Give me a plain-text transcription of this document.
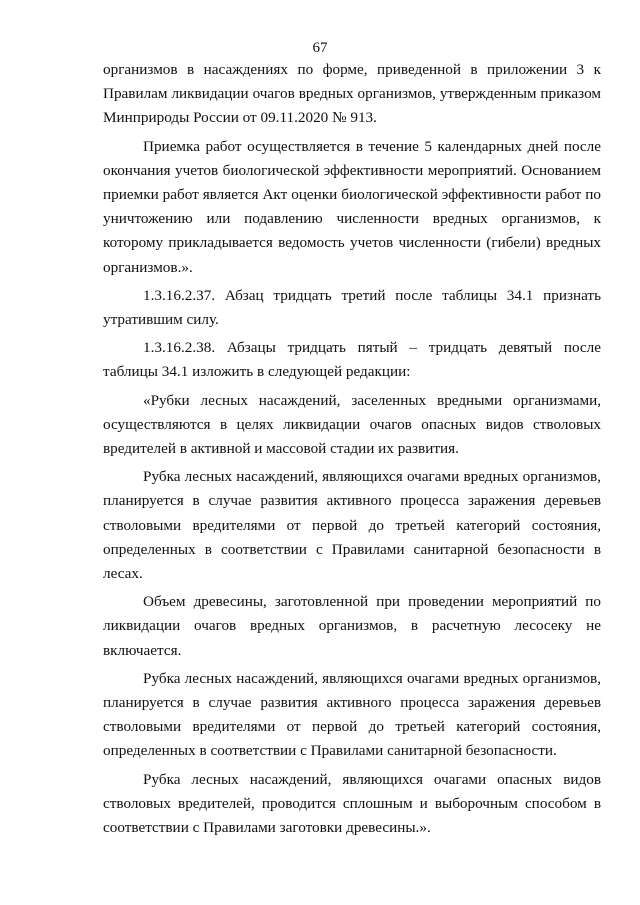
67

организмов в насаждениях по форме, приведенной в приложении 3 к Правилам ликвидации очагов вредных организмов, утвержденным приказом Минприроды России от 09.11.2020 № 913.

Приемка работ осуществляется в течение 5 календарных дней после окончания учетов биологической эффективности мероприятий. Основанием приемки работ является Акт оценки биологической эффективности работ по уничтожению или подавлению численности вредных организмов, к которому прикладывается ведомость учетов численности (гибели) вредных организмов.».

1.3.16.2.37. Абзац тридцать третий после таблицы 34.1 признать утратившим силу.

1.3.16.2.38. Абзацы тридцать пятый – тридцать девятый после таблицы 34.1 изложить в следующей редакции:

«Рубки лесных насаждений, заселенных вредными организмами, осуществляются в целях ликвидации очагов опасных видов стволовых вредителей в активной и массовой стадии их развития.

Рубка лесных насаждений, являющихся очагами вредных организмов, планируется в случае развития активного процесса заражения деревьев стволовыми вредителями от первой до третьей категорий состояния, определенных в соответствии с Правилами санитарной безопасности в лесах.

Объем древесины, заготовленной при проведении мероприятий по ликвидации очагов вредных организмов, в расчетную лесосеку не включается.

Рубка лесных насаждений, являющихся очагами вредных организмов, планируется в случае развития активного процесса заражения деревьев стволовыми вредителями от первой до третьей категорий состояния, определенных в соответствии с Правилами санитарной безопасности.

Рубка лесных насаждений, являющихся очагами опасных видов стволовых вредителей, проводится сплошным и выборочным способом в соответствии с Правилами заготовки древесины.».
